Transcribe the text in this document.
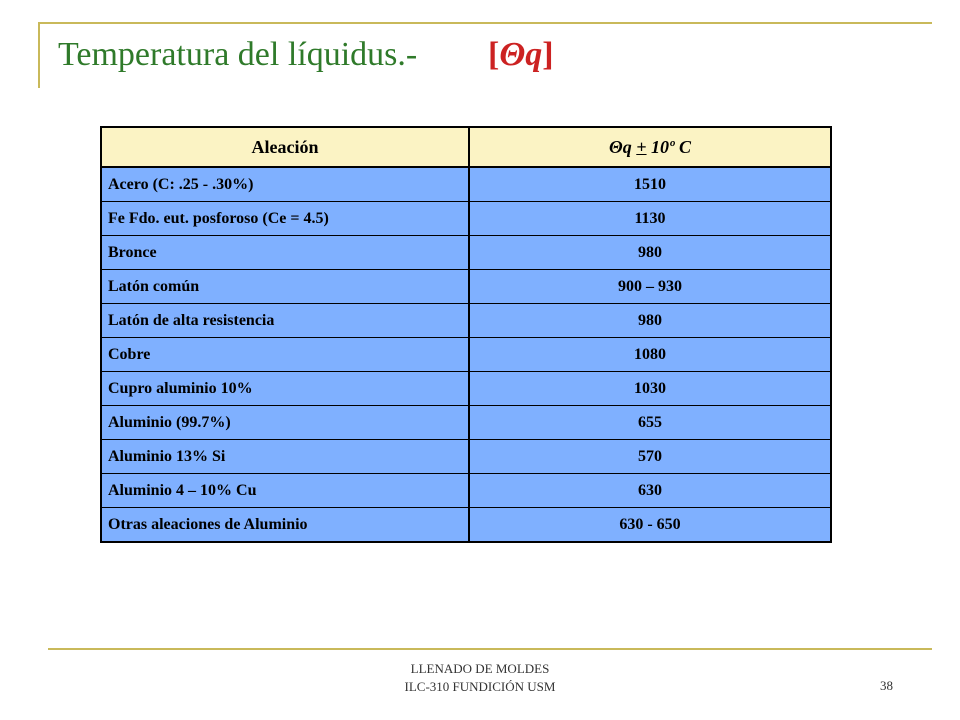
Temperatura del líquidus.- [Θq]
Aleación	Θq + 10º C
Acero (C: .25 - .30%)	1510
Fe Fdo. eut. posforoso (Ce = 4.5)	1130
Bronce	980
Latón común	900 – 930
Latón de alta resistencia	980
Cobre	1080
Cupro aluminio 10%	1030
Aluminio (99.7%)	655
Aluminio 13% Si	570
Aluminio 4 – 10% Cu	630
Otras aleaciones de Aluminio	630 - 650
LLENADO DE MOLDES
ILC-310 FUNDICIÓN USM	38
